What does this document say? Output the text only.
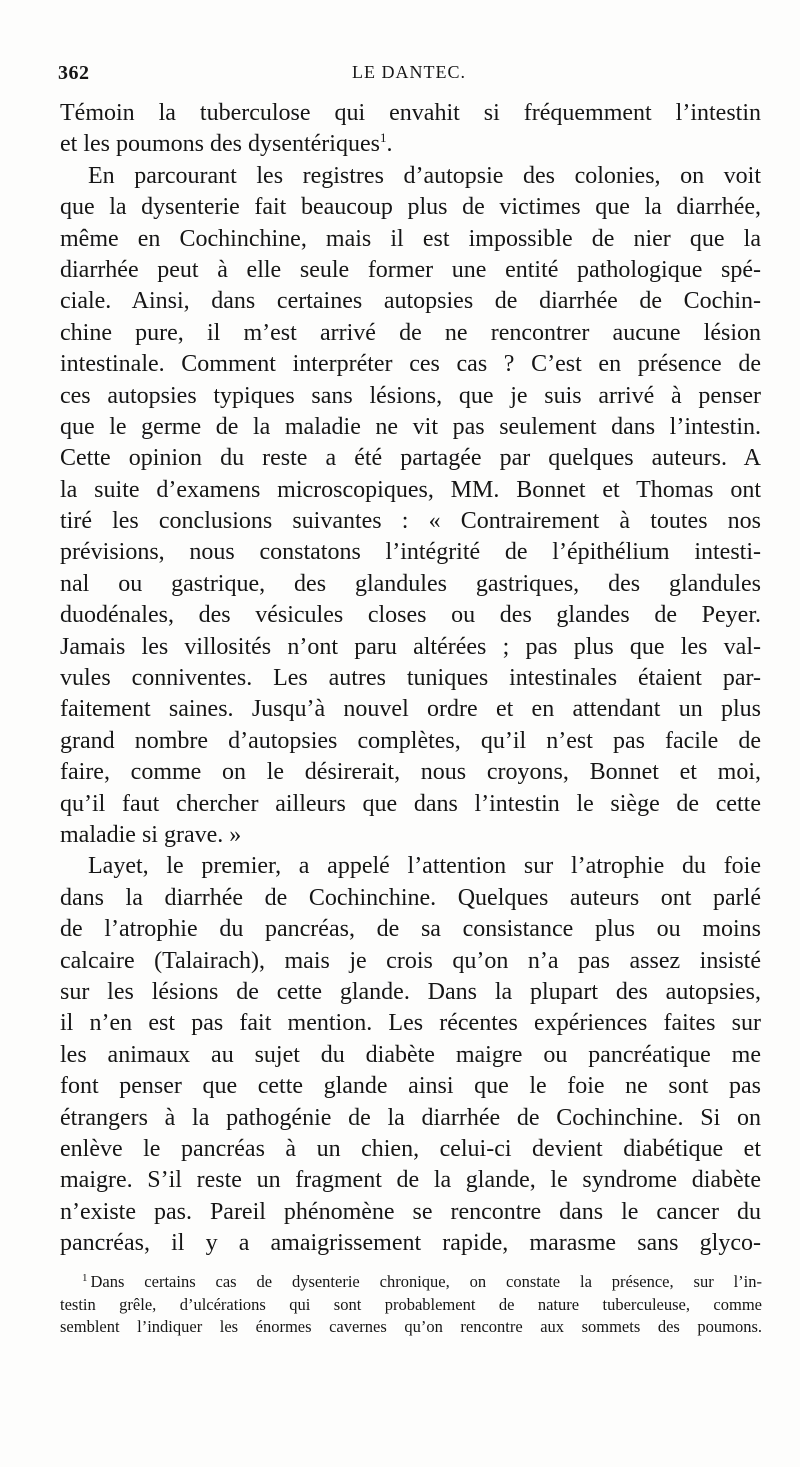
362	LE DANTEC.
Témoin la tuberculose qui envahit si fréquemment l’intestin
et les poumons des dysentériques$^1$.
En parcourant les registres d’autopsie des colonies, on voit
que la dysenterie fait beaucoup plus de victimes que la diarrhée,
même en Cochinchine, mais il est impossible de nier que la
diarrhée peut à elle seule former une entité pathologique spé-
ciale. Ainsi, dans certaines autopsies de diarrhée de Cochin-
chine pure, il m’est arrivé de ne rencontrer aucune lésion
intestinale. Comment interpréter ces cas ? C’est en présence de
ces autopsies typiques sans lésions, que je suis arrivé à penser
que le germe de la maladie ne vit pas seulement dans l’intestin.
Cette opinion du reste a été partagée par quelques auteurs. A
la suite d’examens microscopiques, MM. Bonnet et Thomas ont
tiré les conclusions suivantes : « Contrairement à toutes nos
prévisions, nous constatons l’intégrité de l’épithélium intesti-
nal ou gastrique, des glandules gastriques, des glandules
duodénales, des vésicules closes ou des glandes de Peyer.
Jamais les villosités n’ont paru altérées ; pas plus que les val-
vules conniventes. Les autres tuniques intestinales étaient par-
faitement saines. Jusqu’à nouvel ordre et en attendant un plus
grand nombre d’autopsies complètes, qu’il n’est pas facile de
faire, comme on le désirerait, nous croyons, Bonnet et moi,
qu’il faut chercher ailleurs que dans l’intestin le siège de cette
maladie si grave. »
Layet, le premier, a appelé l’attention sur l’atrophie du foie
dans la diarrhée de Cochinchine. Quelques auteurs ont parlé
de l’atrophie du pancréas, de sa consistance plus ou moins
calcaire (Talairach), mais je crois qu’on n’a pas assez insisté
sur les lésions de cette glande. Dans la plupart des autopsies,
il n’en est pas fait mention. Les récentes expériences faites sur
les animaux au sujet du diabète maigre ou pancréatique me
font penser que cette glande ainsi que le foie ne sont pas
étrangers à la pathogénie de la diarrhée de Cochinchine. Si on
enlève le pancréas à un chien, celui-ci devient diabétique et
maigre. S’il reste un fragment de la glande, le syndrome diabète
n’existe pas. Pareil phénomène se rencontre dans le cancer du
pancréas, il y a amaigrissement rapide, marasme sans glyco-
$^1$ Dans certains cas de dysenterie chronique, on constate la présence, sur l’in-
testin grêle, d’ulcérations qui sont probablement de nature tuberculeuse, comme
semblent l’indiquer les énormes cavernes qu’on rencontre aux sommets des poumons.
